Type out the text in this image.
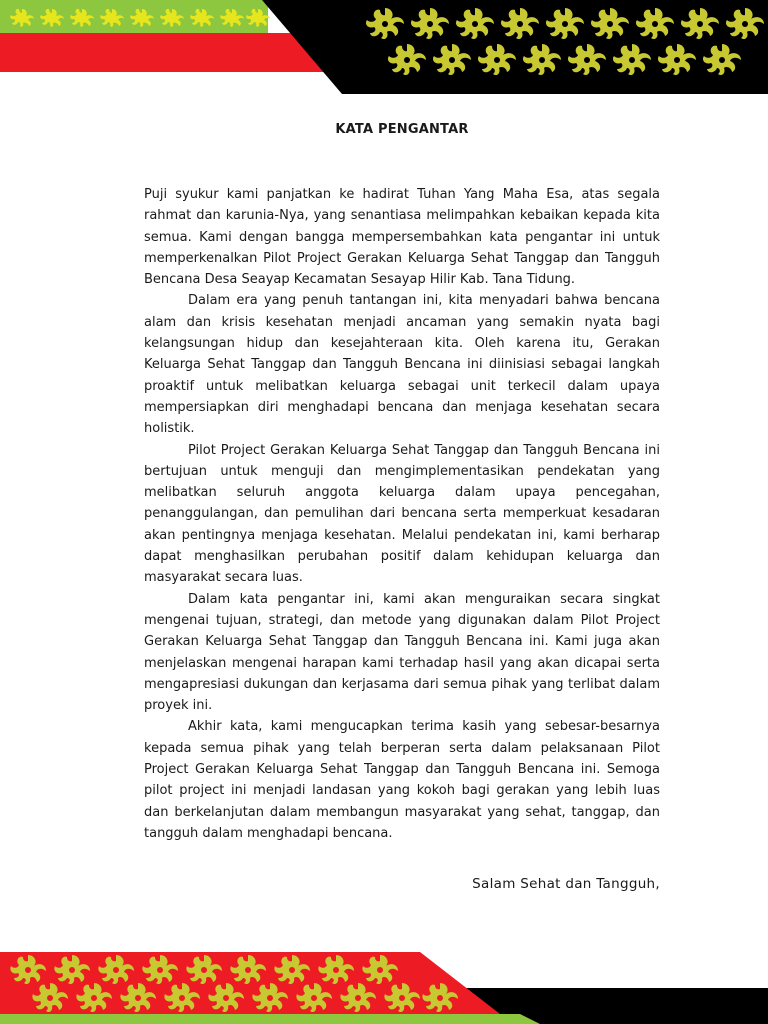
KATA PENGANTAR

Puji syukur kami panjatkan ke hadirat Tuhan Yang Maha Esa, atas segala rahmat dan karunia-Nya, yang senantiasa melimpahkan kebaikan kepada kita semua. Kami dengan bangga mempersembahkan kata pengantar ini untuk memperkenalkan Pilot Project Gerakan Keluarga Sehat Tanggap dan Tangguh Bencana Desa Seayap Kecamatan Sesayap Hilir Kab. Tana Tidung.

Dalam era yang penuh tantangan ini, kita menyadari bahwa bencana alam dan krisis kesehatan menjadi ancaman yang semakin nyata bagi kelangsungan hidup dan kesejahteraan kita. Oleh karena itu, Gerakan Keluarga Sehat Tanggap dan Tangguh Bencana ini diinisiasi sebagai langkah proaktif untuk melibatkan keluarga sebagai unit terkecil dalam upaya mempersiapkan diri menghadapi bencana dan menjaga kesehatan secara holistik.

Pilot Project Gerakan Keluarga Sehat Tanggap dan Tangguh Bencana ini bertujuan untuk menguji dan mengimplementasikan pendekatan yang melibatkan seluruh anggota keluarga dalam upaya pencegahan, penanggulangan, dan pemulihan dari bencana serta memperkuat kesadaran akan pentingnya menjaga kesehatan. Melalui pendekatan ini, kami berharap dapat menghasilkan perubahan positif dalam kehidupan keluarga dan masyarakat secara luas.

Dalam kata pengantar ini, kami akan menguraikan secara singkat mengenai tujuan, strategi, dan metode yang digunakan dalam Pilot Project Gerakan Keluarga Sehat Tanggap dan Tangguh Bencana ini. Kami juga akan menjelaskan mengenai harapan kami terhadap hasil yang akan dicapai serta mengapresiasi dukungan dan kerjasama dari semua pihak yang terlibat dalam proyek ini.

Akhir kata, kami mengucapkan terima kasih yang sebesar-besarnya kepada semua pihak yang telah berperan serta dalam pelaksanaan Pilot Project Gerakan Keluarga Sehat Tanggap dan Tangguh Bencana ini. Semoga pilot project ini menjadi landasan yang kokoh bagi gerakan yang lebih luas dan berkelanjutan dalam membangun masyarakat yang sehat, tanggap, dan tangguh dalam menghadapi bencana.

Salam Sehat dan Tangguh,
